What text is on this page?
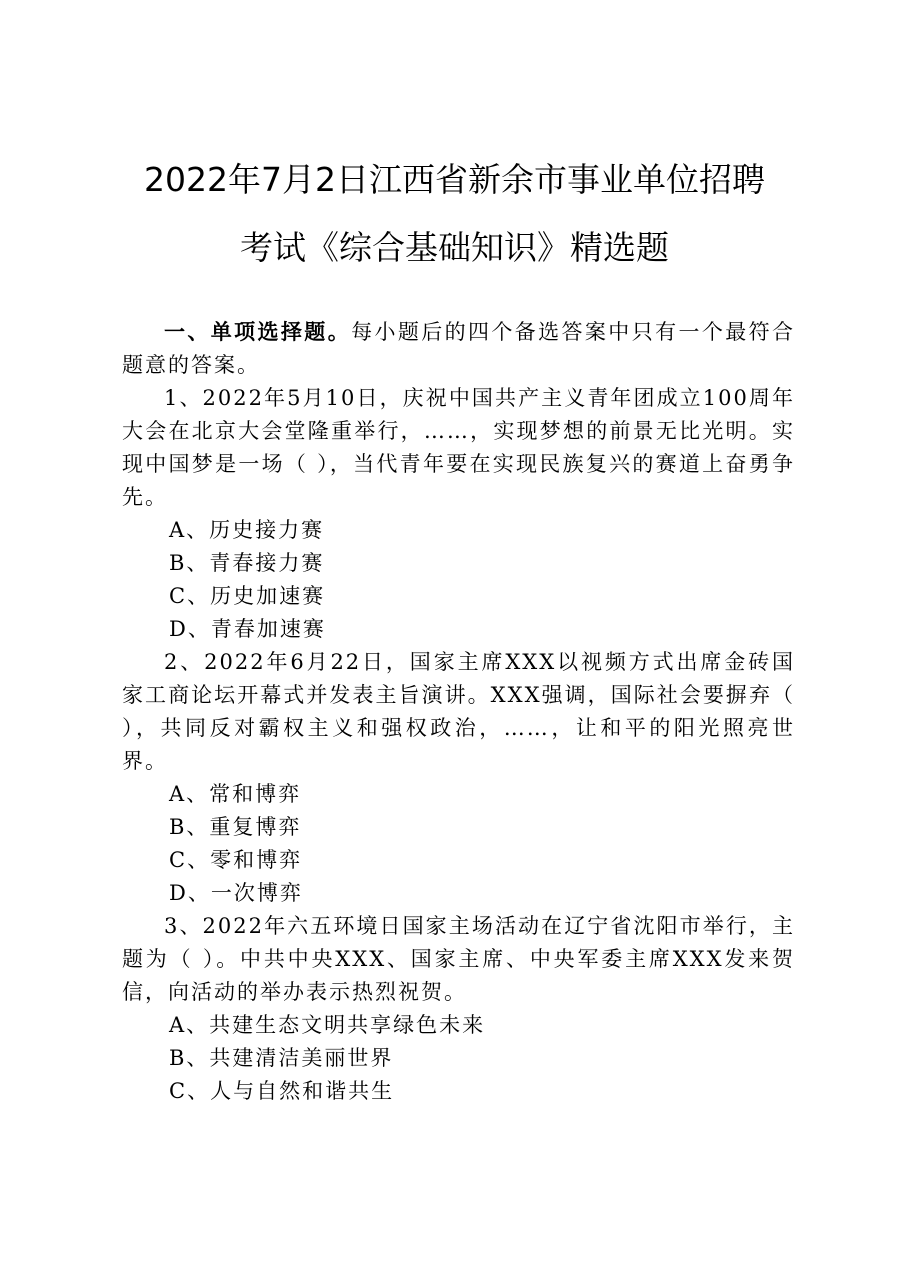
2022年7月2日江西省新余市事业单位招聘
考试《综合基础知识》精选题

一、单项选择题。每小题后的四个备选答案中只有一个最符合题意的答案。

1、2022年5月10日，庆祝中国共产主义青年团成立100周年大会在北京大会堂隆重举行，……，实现梦想的前景无比光明。实现中国梦是一场（ ），当代青年要在实现民族复兴的赛道上奋勇争先。

A、历史接力赛

B、青春接力赛

C、历史加速赛

D、青春加速赛

2、2022年6月22日，国家主席XXX以视频方式出席金砖国家工商论坛开幕式并发表主旨演讲。XXX强调，国际社会要摒弃（ ），共同反对霸权主义和强权政治，……，让和平的阳光照亮世界。

A、常和博弈

B、重复博弈

C、零和博弈

D、一次博弈

3、2022年六五环境日国家主场活动在辽宁省沈阳市举行，主题为（ ）。中共中央XXX、国家主席、中央军委主席XXX发来贺信，向活动的举办表示热烈祝贺。

A、共建生态文明共享绿色未来

B、共建清洁美丽世界

C、人与自然和谐共生
